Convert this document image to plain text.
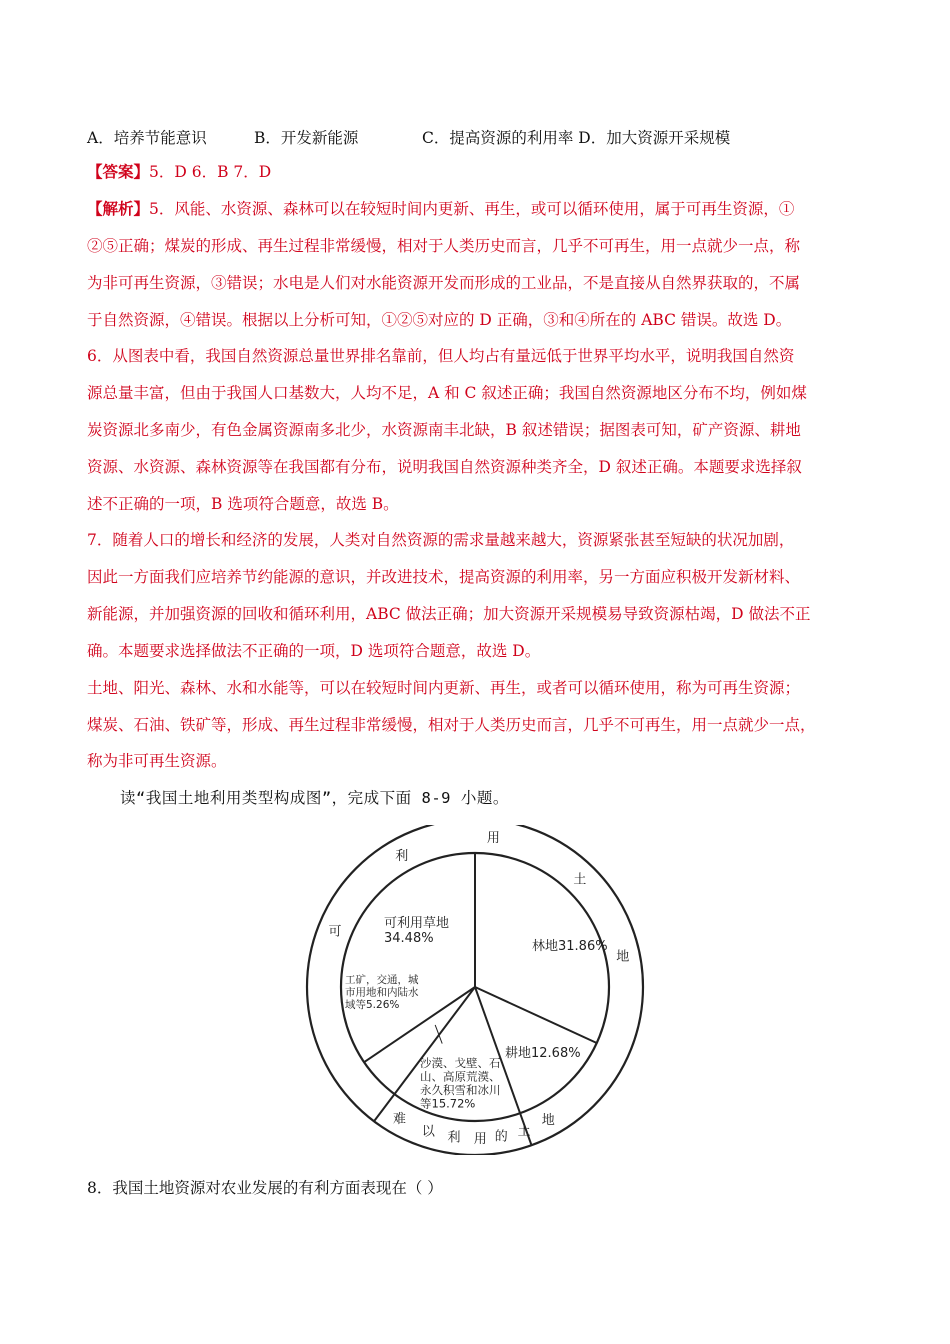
A．培养节能意识	B．开发新能源	C．提高资源的利用率 D．加大资源开采规模
【答案】5．D 6．B 7．D
【解析】5．风能、水资源、森林可以在较短时间内更新、再生，或可以循环使用，属于可再生资源，①
②⑤正确；煤炭的形成、再生过程非常缓慢，相对于人类历史而言，几乎不可再生，用一点就少一点，称
为非可再生资源，③错误；水电是人们对水能资源开发而形成的工业品，不是直接从自然界获取的，不属
于自然资源，④错误。根据以上分析可知，①②⑤对应的 D 正确，③和④所在的 ABC 错误。故选 D。
6．从图表中看，我国自然资源总量世界排名靠前，但人均占有量远低于世界平均水平，说明我国自然资
源总量丰富，但由于我国人口基数大，人均不足，A 和 C 叙述正确；我国自然资源地区分布不均，例如煤
炭资源北多南少，有色金属资源南多北少，水资源南丰北缺，B 叙述错误；据图表可知，矿产资源、耕地
资源、水资源、森林资源等在我国都有分布，说明我国自然资源种类齐全，D 叙述正确。本题要求选择叙
述不正确的一项，B 选项符合题意，故选 B。
7．随着人口的增长和经济的发展，人类对自然资源的需求量越来越大，资源紧张甚至短缺的状况加剧，
因此一方面我们应培养节约能源的意识，并改进技术，提高资源的利用率，另一方面应积极开发新材料、
新能源，并加强资源的回收和循环利用，ABC 做法正确；加大资源开采规模易导致资源枯竭，D 做法不正
确。本题要求选择做法不正确的一项，D 选项符合题意，故选 D。
土地、阳光、森林、水和水能等，可以在较短时间内更新、再生，或者可以循环使用，称为可再生资源；
煤炭、石油、铁矿等，形成、再生过程非常缓慢，相对于人类历史而言，几乎不可再生，用一点就少一点，
称为非可再生资源。
读“我国土地利用类型构成图”，完成下面 8-9 小题。
林地31.86%
耕地12.68%
沙漠、戈壁、石山、高原荒漠、永久积雪和冰川等15.72%
工矿，交通，城市用地和内陆水域等5.26%
可利用草地 34.48%
可
利
用
土
地
难
以 利 用 的 土
地
8．我国土地资源对农业发展的有利方面表现在（ ）
